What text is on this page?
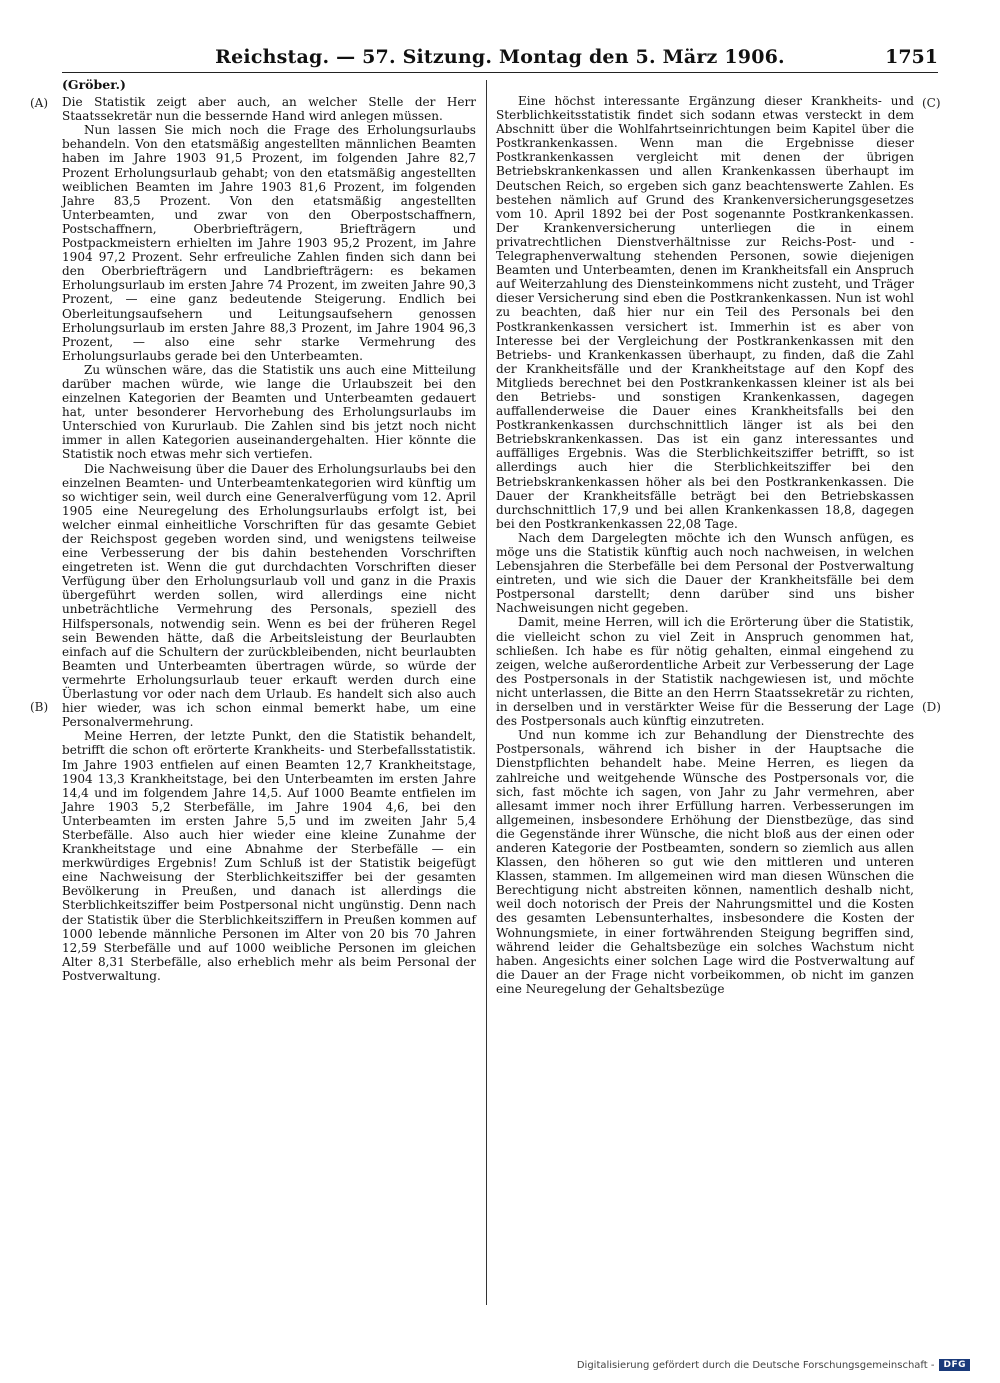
Reichstag. — 57. Sitzung. Montag den 5. März 1906.	1751
(A)
(B)
(C)
(D)

(Gröber.)

Die Statistik zeigt aber auch, an welcher Stelle der Herr Staatssekretär nun die bessernde Hand wird anlegen müssen.

Nun lassen Sie mich noch die Frage des Erholungsurlaubs behandeln. Von den etatsmäßig angestellten männlichen Beamten haben im Jahre 1903 91,5 Prozent, im folgenden Jahre 82,7 Prozent Erholungsurlaub gehabt; von den etatsmäßig angestellten weiblichen Beamten im Jahre 1903 81,6 Prozent, im folgenden Jahre 83,5 Prozent. Von den etatsmäßig angestellten Unterbeamten, und zwar von den Oberpostschaffnern, Postschaffnern, Oberbriefträgern, Briefträgern und Postpackmeistern erhielten im Jahre 1903 95,2 Prozent, im Jahre 1904 97,2 Prozent. Sehr erfreuliche Zahlen finden sich dann bei den Oberbriefträgern und Landbriefträgern: es bekamen Erholungsurlaub im ersten Jahre 74 Prozent, im zweiten Jahre 90,3 Prozent, — eine ganz bedeutende Steigerung. Endlich bei Oberleitungsaufsehern und Leitungsaufsehern genossen Erholungsurlaub im ersten Jahre 88,3 Prozent, im Jahre 1904 96,3 Prozent, — also eine sehr starke Vermehrung des Erholungsurlaubs gerade bei den Unterbeamten.

Zu wünschen wäre, das die Statistik uns auch eine Mitteilung darüber machen würde, wie lange die Urlaubszeit bei den einzelnen Kategorien der Beamten und Unterbeamten gedauert hat, unter besonderer Hervorhebung des Erholungsurlaubs im Unterschied von Kururlaub. Die Zahlen sind bis jetzt noch nicht immer in allen Kategorien auseinandergehalten. Hier könnte die Statistik noch etwas mehr sich vertiefen.

Die Nachweisung über die Dauer des Erholungsurlaubs bei den einzelnen Beamten- und Unterbeamtenkategorien wird künftig um so wichtiger sein, weil durch eine Generalverfügung vom 12. April 1905 eine Neuregelung des Erholungsurlaubs erfolgt ist, bei welcher einmal einheitliche Vorschriften für das gesamte Gebiet der Reichspost gegeben worden sind, und wenigstens teilweise eine Verbesserung der bis dahin bestehenden Vorschriften eingetreten ist. Wenn die gut durchdachten Vorschriften dieser Verfügung über den Erholungsurlaub voll und ganz in die Praxis übergeführt werden sollen, wird allerdings eine nicht unbeträchtliche Vermehrung des Personals, speziell des Hilfspersonals, notwendig sein. Wenn es bei der früheren Regel sein Bewenden hätte, daß die Arbeitsleistung der Beurlaubten einfach auf die Schultern der zurückbleibenden, nicht beurlaubten Beamten und Unterbeamten übertragen würde, so würde der vermehrte Erholungsurlaub teuer erkauft werden durch eine Überlastung vor oder nach dem Urlaub. Es handelt sich also auch hier wieder, was ich schon einmal bemerkt habe, um eine Personalvermehrung.

Meine Herren, der letzte Punkt, den die Statistik behandelt, betrifft die schon oft erörterte Krankheits- und Sterbefallsstatistik. Im Jahre 1903 entfielen auf einen Beamten 12,7 Krankheitstage, 1904 13,3 Krankheitstage, bei den Unterbeamten im ersten Jahre 14,4 und im folgendem Jahre 14,5. Auf 1000 Beamte entfielen im Jahre 1903 5,2 Sterbefälle, im Jahre 1904 4,6, bei den Unterbeamten im ersten Jahre 5,5 und im zweiten Jahr 5,4 Sterbefälle. Also auch hier wieder eine kleine Zunahme der Krankheitstage und eine Abnahme der Sterbefälle — ein merkwürdiges Ergebnis! Zum Schluß ist der Statistik beigefügt eine Nachweisung der Sterblichkeitsziffer bei der gesamten Bevölkerung in Preußen, und danach ist allerdings die Sterblichkeitsziffer beim Postpersonal nicht ungünstig. Denn nach der Statistik über die Sterblichkeitsziffern in Preußen kommen auf 1000 lebende männliche Personen im Alter von 20 bis 70 Jahren 12,59 Sterbefälle und auf 1000 weibliche Personen im gleichen Alter 8,31 Sterbefälle, also erheblich mehr als beim Personal der Postverwaltung.

Eine höchst interessante Ergänzung dieser Krankheits- und Sterblichkeitsstatistik findet sich sodann etwas versteckt in dem Abschnitt über die Wohlfahrtseinrichtungen beim Kapitel über die Postkrankenkassen. Wenn man die Ergebnisse dieser Postkrankenkassen vergleicht mit denen der übrigen Betriebskrankenkassen und allen Krankenkassen überhaupt im Deutschen Reich, so ergeben sich ganz beachtenswerte Zahlen. Es bestehen nämlich auf Grund des Krankenversicherungsgesetzes vom 10. April 1892 bei der Post sogenannte Postkrankenkassen. Der Krankenversicherung unterliegen die in einem privatrechtlichen Dienstverhältnisse zur Reichs-Post- und -Telegraphenverwaltung stehenden Personen, sowie diejenigen Beamten und Unterbeamten, denen im Krankheitsfall ein Anspruch auf Weiterzahlung des Diensteinkommens nicht zusteht, und Träger dieser Versicherung sind eben die Postkrankenkassen. Nun ist wohl zu beachten, daß hier nur ein Teil des Personals bei den Postkrankenkassen versichert ist. Immerhin ist es aber von Interesse bei der Vergleichung der Postkrankenkassen mit den Betriebs- und Krankenkassen überhaupt, zu finden, daß die Zahl der Krankheitsfälle und der Krankheitstage auf den Kopf des Mitglieds berechnet bei den Postkrankenkassen kleiner ist als bei den Betriebs- und sonstigen Krankenkassen, dagegen auffallenderweise die Dauer eines Krankheitsfalls bei den Postkrankenkassen durchschnittlich länger ist als bei den Betriebskrankenkassen. Das ist ein ganz interessantes und auffälliges Ergebnis. Was die Sterblichkeitsziffer betrifft, so ist allerdings auch hier die Sterblichkeitsziffer bei den Betriebskrankenkassen höher als bei den Postkrankenkassen. Die Dauer der Krankheitsfälle beträgt bei den Betriebskassen durchschnittlich 17,9 und bei allen Krankenkassen 18,8, dagegen bei den Postkrankenkassen 22,08 Tage.

Nach dem Dargelegten möchte ich den Wunsch anfügen, es möge uns die Statistik künftig auch noch nachweisen, in welchen Lebensjahren die Sterbefälle bei dem Personal der Postverwaltung eintreten, und wie sich die Dauer der Krankheitsfälle bei dem Postpersonal darstellt; denn darüber sind uns bisher Nachweisungen nicht gegeben.

Damit, meine Herren, will ich die Erörterung über die Statistik, die vielleicht schon zu viel Zeit in Anspruch genommen hat, schließen. Ich habe es für nötig gehalten, einmal eingehend zu zeigen, welche außerordentliche Arbeit zur Verbesserung der Lage des Postpersonals in der Statistik nachgewiesen ist, und möchte nicht unterlassen, die Bitte an den Herrn Staatssekretär zu richten, in derselben und in verstärkter Weise für die Besserung der Lage des Postpersonals auch künftig einzutreten.

Und nun komme ich zur Behandlung der Dienstrechte des Postpersonals, während ich bisher in der Hauptsache die Dienstpflichten behandelt habe. Meine Herren, es liegen da zahlreiche und weitgehende Wünsche des Postpersonals vor, die sich, fast möchte ich sagen, von Jahr zu Jahr vermehren, aber allesamt immer noch ihrer Erfüllung harren. Verbesserungen im allgemeinen, insbesondere Erhöhung der Dienstbezüge, das sind die Gegenstände ihrer Wünsche, die nicht bloß aus der einen oder anderen Kategorie der Postbeamten, sondern so ziemlich aus allen Klassen, den höheren so gut wie den mittleren und unteren Klassen, stammen. Im allgemeinen wird man diesen Wünschen die Berechtigung nicht abstreiten können, namentlich deshalb nicht, weil doch notorisch der Preis der Nahrungsmittel und die Kosten des gesamten Lebensunterhaltes, insbesondere die Kosten der Wohnungsmiete, in einer fortwährenden Steigung begriffen sind, während leider die Gehaltsbezüge ein solches Wachstum nicht haben. Angesichts einer solchen Lage wird die Postverwaltung auf die Dauer an der Frage nicht vorbeikommen, ob nicht im ganzen eine Neuregelung der Gehaltsbezüge

Digitalisierung gefördert durch die Deutsche Forschungsgemeinschaft -	DFG
